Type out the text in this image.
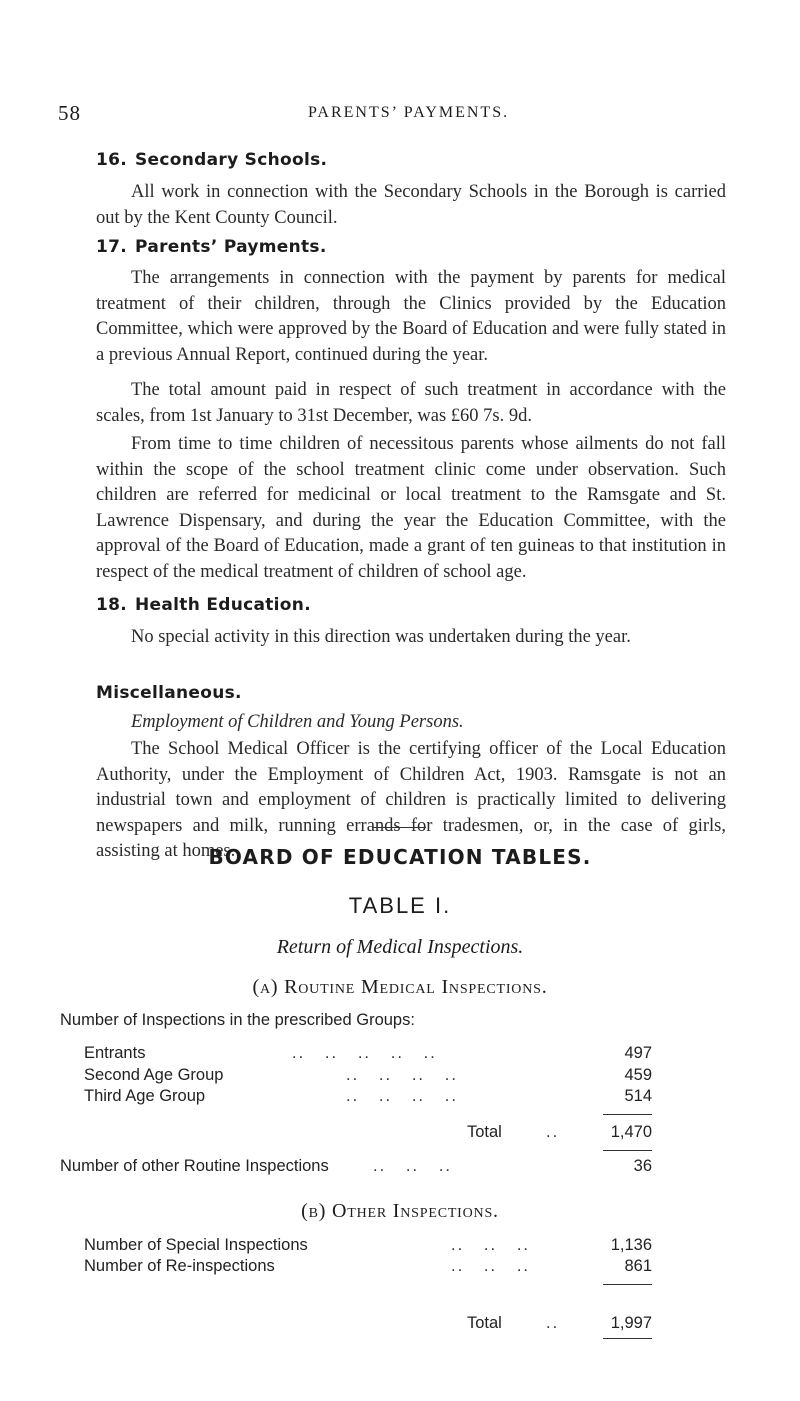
58	PARENTS’ PAYMENTS.
16. Secondary Schools.

All work in connection with the Secondary Schools in the Borough is carried out by the Kent County Council.

17. Parents’ Payments.

The arrangements in connection with the payment by parents for medical treatment of their children, through the Clinics provided by the Education Committee, which were approved by the Board of Education and were fully stated in a previous Annual Report, continued during the year.

The total amount paid in respect of such treatment in accordance with the scales, from 1st January to 31st December, was £60 7s. 9d.

From time to time children of necessitous parents whose ailments do not fall within the scope of the school treatment clinic come under observation. Such children are referred for medicinal or local treatment to the Ramsgate and St. Lawrence Dispensary, and during the year the Education Committee, with the approval of the Board of Education, made a grant of ten guineas to that institution in respect of the medical treatment of children of school age.

18. Health Education.

No special activity in this direction was undertaken during the year.

Miscellaneous.
Employment of Children and Young Persons.

The School Medical Officer is the certifying officer of the Local Education Authority, under the Employment of Children Act, 1903. Ramsgate is not an industrial town and employment of children is practically limited to delivering newspapers and milk, running errands for tradesmen, or, in the case of girls, assisting at homes.

BOARD OF EDUCATION TABLES.
TABLE I.
Return of Medical Inspections.
(a) Routine Medical Inspections.
Number of Inspections in the prescribed Groups:
Entrants	..   ..   ..   ..   ..	497
Second Age Group	..   ..   ..   ..	459
Third Age Group	..   ..   ..   ..	514
Total	..	1,470
Number of other Routine Inspections	..   ..   ..	36
(b) Other Inspections.
Number of Special Inspections	..   ..   ..	1,136
Number of Re-inspections	..   ..   ..	861
Total	..	1,997
